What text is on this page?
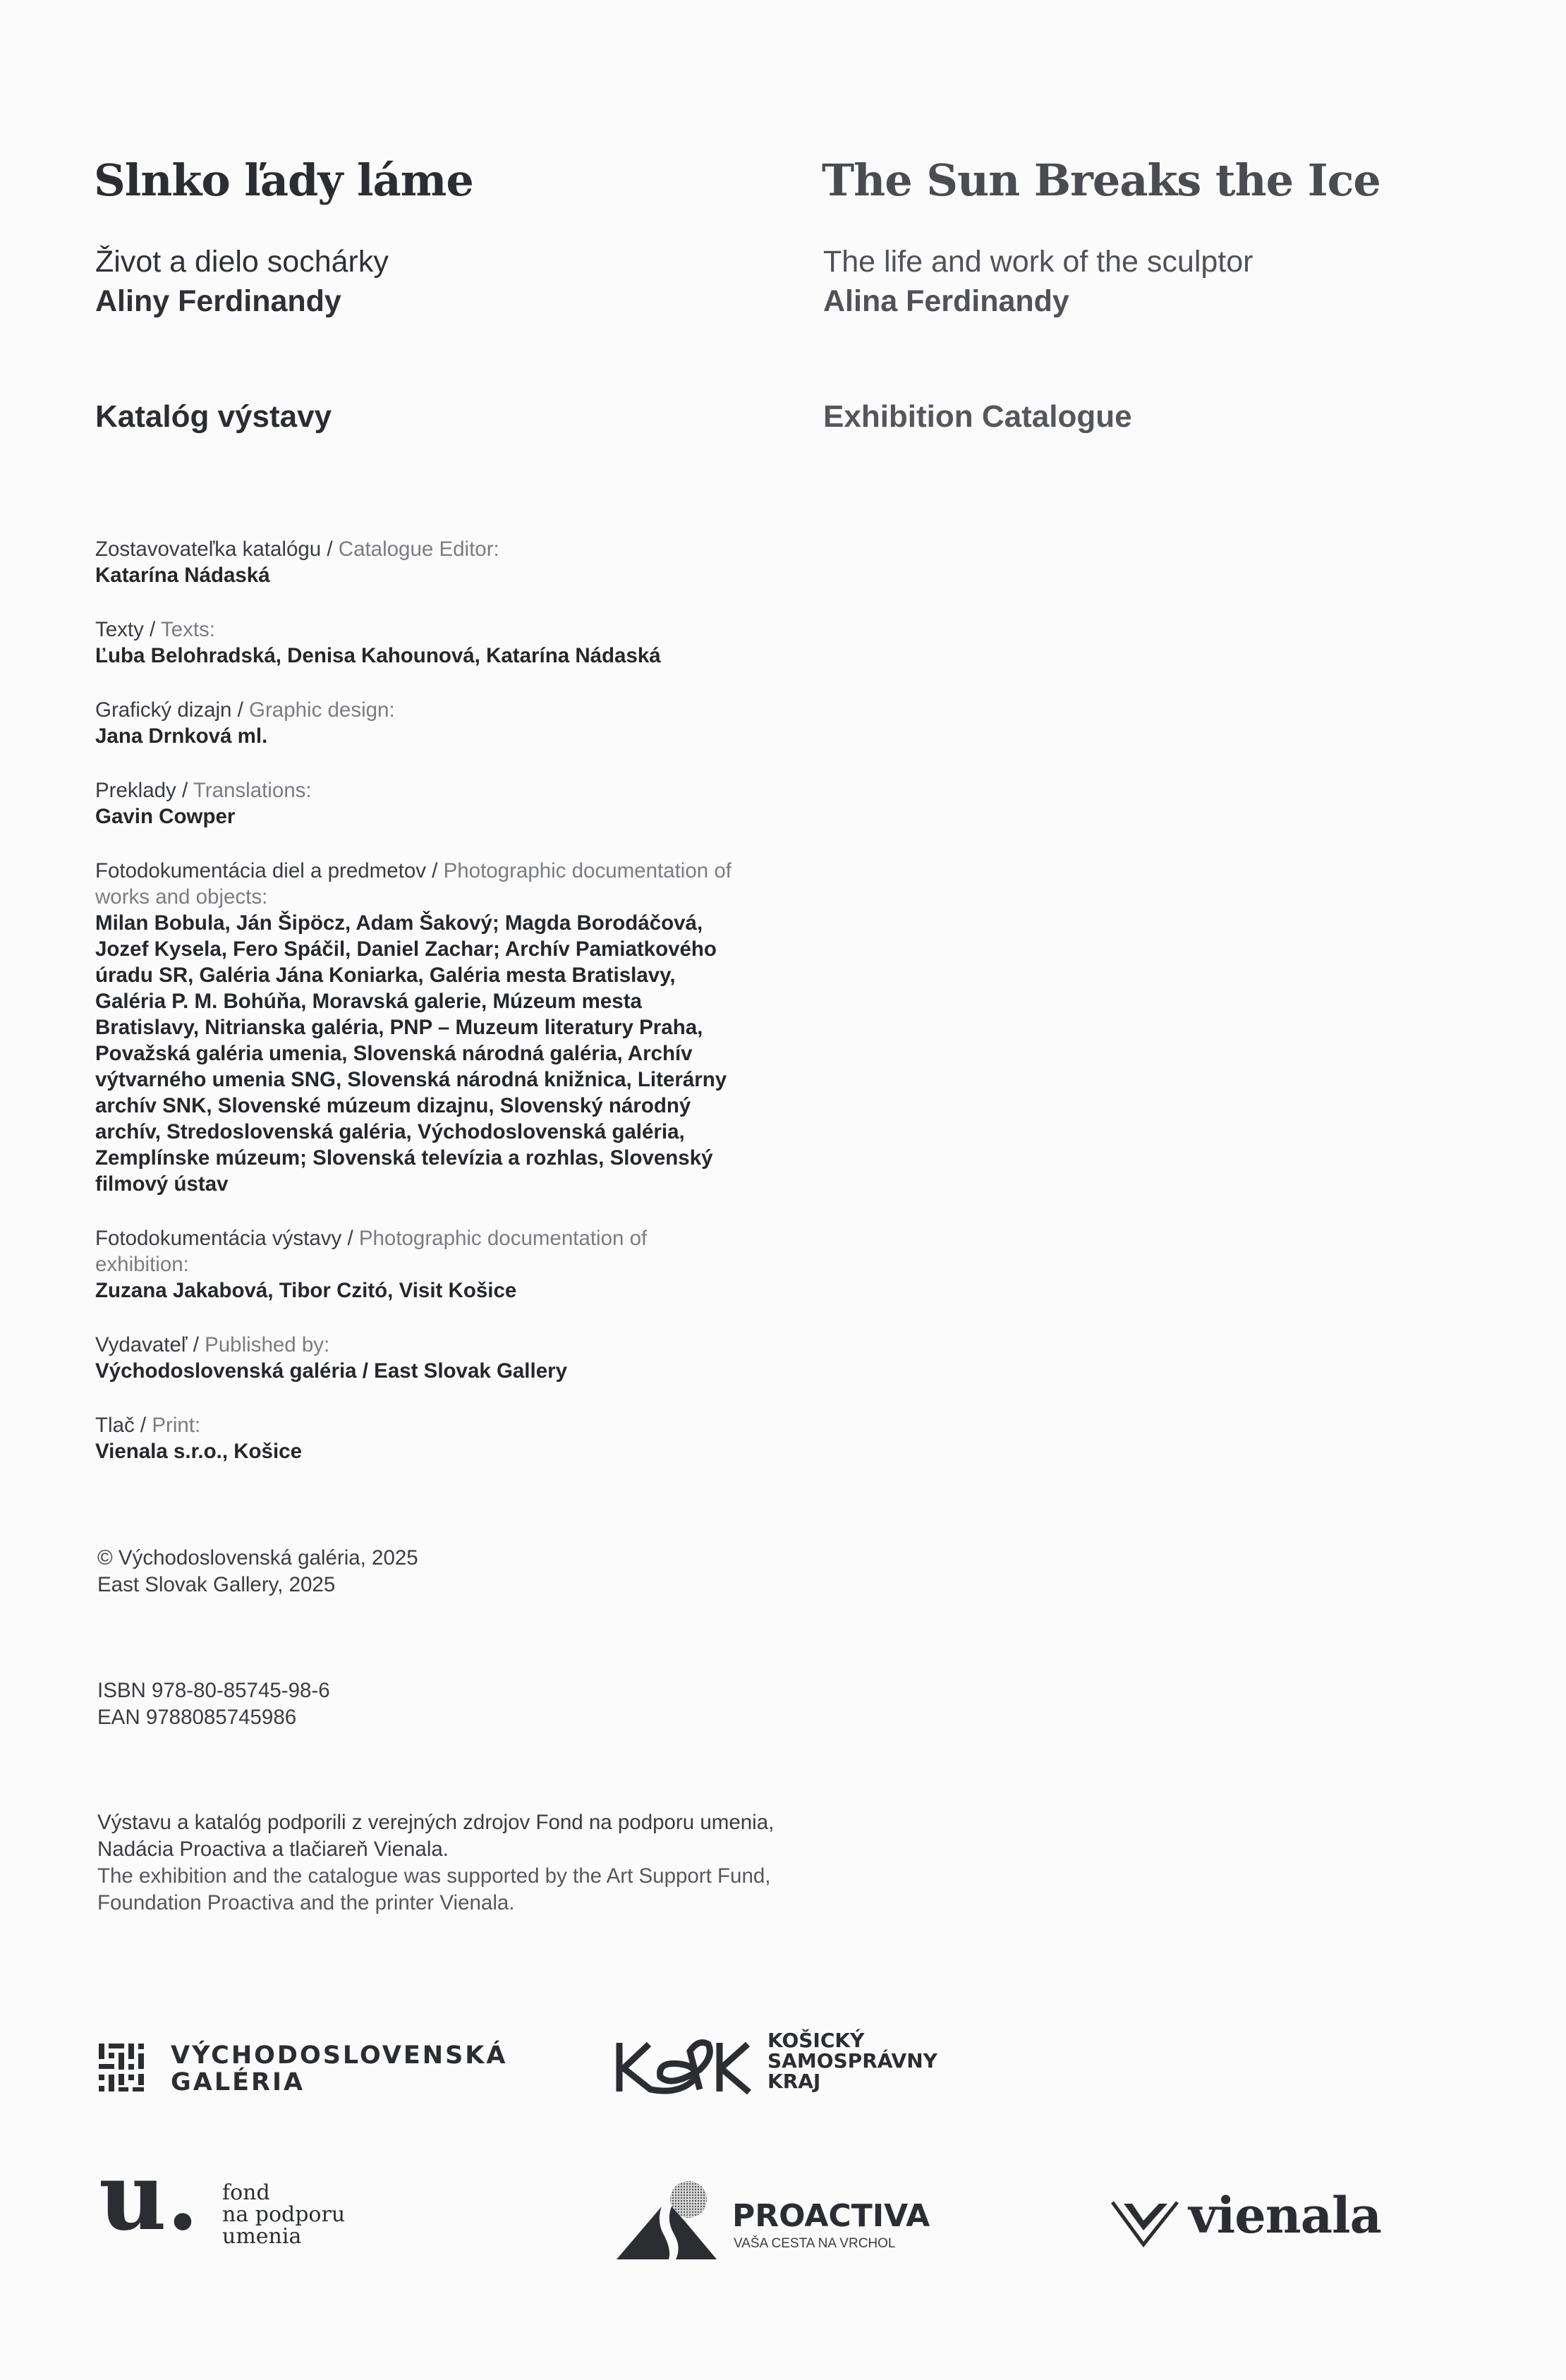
Slnko ľady láme
Život a dielo sochárky
Aliny Ferdinandy
Katalóg výstavy
The Sun Breaks the Ice
The life and work of the sculptor
Alina Ferdinandy
Exhibition Catalogue
Zostavovateľka katalógu / Catalogue Editor:
Katarína Nádaská
Texty / Texts:
Ľuba Belohradská, Denisa Kahounová, Katarína Nádaská
Grafický dizajn / Graphic design:
Jana Drnková ml.
Preklady / Translations:
Gavin Cowper
Fotodokumentácia diel a predmetov / Photographic documentation of works and objects:
Milan Bobula, Ján Šipöcz, Adam Šakový; Magda Borodáčová, Jozef Kysela, Fero Spáčil, Daniel Zachar; Archív Pamiatkového úradu SR, Galéria Jána Koniarka, Galéria mesta Bratislavy, Galéria P. M. Bohúňa, Moravská galerie, Múzeum mesta Bratislavy, Nitrianska galéria, PNP – Muzeum literatury Praha, Považská galéria umenia, Slovenská národná galéria, Archív výtvarného umenia SNG, Slovenská národná knižnica, Literárny archív SNK, Slovenské múzeum dizajnu, Slovenský národný archív, Stredoslovenská galéria, Východoslovenská galéria, Zemplínske múzeum; Slovenská televízia a rozhlas, Slovenský filmový ústav
Fotodokumentácia výstavy / Photographic documentation of exhibition:
Zuzana Jakabová, Tibor Czitó, Visit Košice
Vydavateľ / Published by:
Východoslovenská galéria / East Slovak Gallery
Tlač / Print:
Vienala s.r.o., Košice
© Východoslovenská galéria, 2025
East Slovak Gallery, 2025
ISBN 978-80-85745-98-6
EAN 9788085745986
Výstavu a katalóg podporili z verejných zdrojov Fond na podporu umenia, Nadácia Proactiva a tlačiareň Vienala.
The exhibition and the catalogue was supported by the Art Support Fund, Foundation Proactiva and the printer Vienala.
VÝCHODOSLOVENSKÁ
GALÉRIA
KOŠICKÝ
SAMOSPRÁVNY
KRAJ
u. fond
na podporu
umenia
PROACTIVA
VAŠA CESTA NA VRCHOL	vienala
